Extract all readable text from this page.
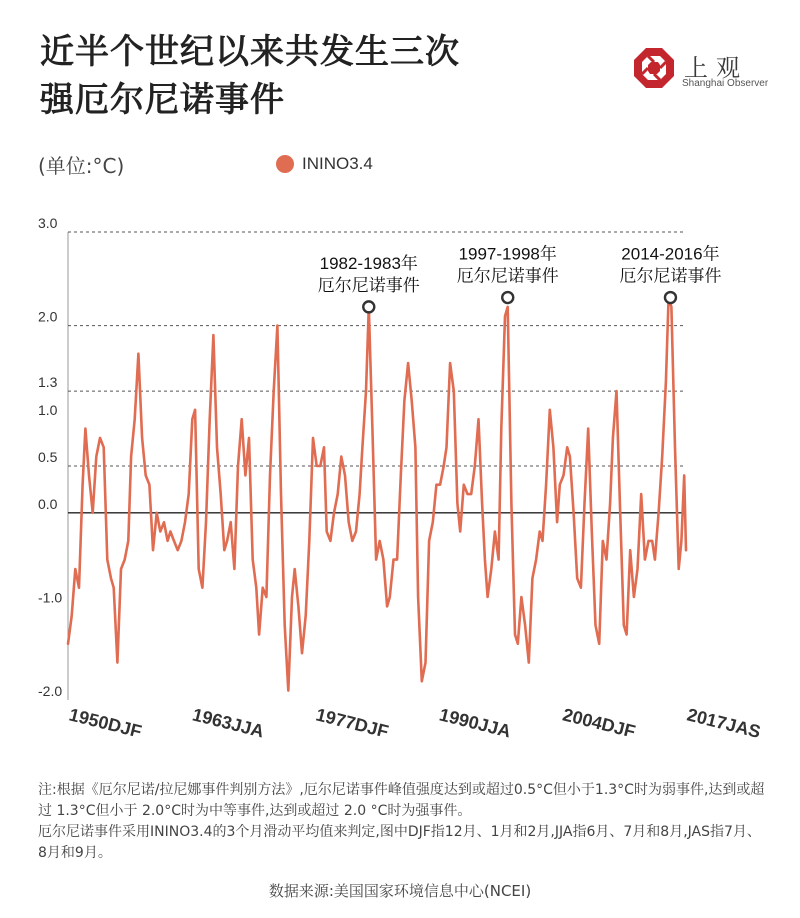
近半个世纪以来共发生三次
强厄尔尼诺事件
上观
Shanghai Observer
(单位:°C)	ININO3.4
3.0
2.0
1.3
1.0
0.5
0.0
-1.0
-2.0
1950DJF	1963JJA	1977DJF	1990JJA	2004DJF	2017JAS
1982-1983年
厄尔尼诺事件
1997-1998年
厄尔尼诺事件
2014-2016年
厄尔尼诺事件

注:根据《厄尔尼诺/拉尼娜事件判别方法》,厄尔尼诺事件峰值强度达到或超过0.5°C但小于1.3°C时为弱事件,达到或超过 1.3°C但小于 2.0°C时为中等事件,达到或超过 2.0 °C时为强事件。

厄尔尼诺事件采用ININO3.4的3个月滑动平均值来判定,图中DJF指12月、1月和2月,JJA指6月、7月和8月,JAS指7月、8月和9月。

数据来源:美国国家环境信息中心(NCEI)
